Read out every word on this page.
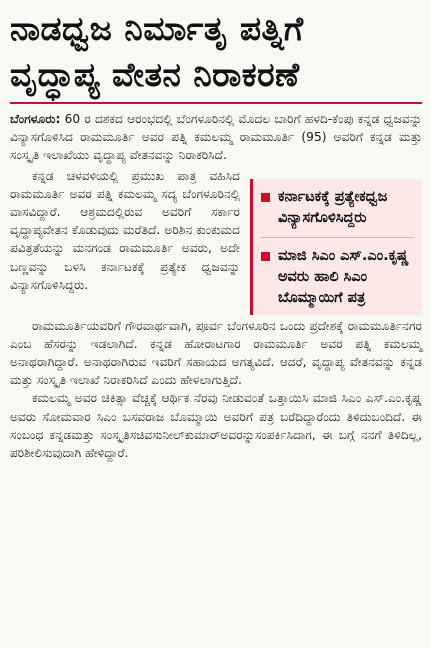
ನಾಡಧ್ವಜ ನಿರ್ಮಾತೃ ಪತ್ನಿಗೆ
ವೃದ್ಧಾಪ್ಯ ವೇತನ ನಿರಾಕರಣೆ

ಬೆಂಗಳೂರು: 60 ರ ದಶಕದ ಆರಂಭದಲ್ಲಿ ಬೆಂಗಳೂರಿನಲ್ಲಿ ಮೊದಲ ಬಾರಿಗೆ ಹಳದಿ-ಕೆಂಪು ಕನ್ನಡ ಧ್ವಜವನ್ನು ವಿನ್ಯಾಸಗೊಳಿಸಿದ ರಾಮಮೂರ್ತಿ ಅವರ ಪತ್ನಿ ಕಮಲಮ್ಮ ರಾಮಮೂರ್ತಿ (95) ಅವರಿಗೆ ಕನ್ನಡ ಮತ್ತು ಸಂಸ್ಕೃತಿ ಇಲಾಖೆಯು ವೃದ್ಧಾಪ್ಯ ವೇತನವನ್ನು ನಿರಾಕರಿಸಿದೆ.

ಕನ್ನಡ ಚಳವಳಿಯಲ್ಲಿ ಪ್ರಮುಖ ಪಾತ್ರ ವಹಿಸಿದ ರಾಮಮೂರ್ತಿ ಅವರ ಪತ್ನಿ ಕಮಲಮ್ಮ ಸದ್ಯ ಬೆಂಗಳೂರಿನಲ್ಲಿ ವಾಸವಿದ್ದಾರೆ. ಆಶ್ರಮದಲ್ಲಿರುವ ಅವರಿಗೆ ಸರ್ಕಾರ ವೃದ್ಧಾಪ್ಯವೇತನ ಕೊಡುವುದು ಮರೆತಿದೆ. ಅರಿಶಿನ ಕುಂಕುಮದ ಪವಿತ್ರತೆಯನ್ನು ಮನಗಂಡ ರಾಮಮೂರ್ತಿ ಅವರು, ಅದೇ ಬಣ್ಣವನ್ನು ಬಳಸಿ ಕರ್ನಾಟಕಕ್ಕೆ ಪ್ರತ್ಯೇಕ ಧ್ವಜವನ್ನು ವಿನ್ಯಾಸಗೊಳಿಸಿದ್ದರು.

ಕರ್ನಾಟಕಕ್ಕೆ ಪ್ರತ್ಯೇಕಧ್ವಜ ವಿನ್ಯಾಸಗೊಳಿಸಿದ್ದರು
ಮಾಜಿ ಸಿಎಂ ಎಸ್.ಎಂ.ಕೃಷ್ಣ ಅವರು ಹಾಲಿ ಸಿಎಂ ಬೊಮ್ಮಾಯಿಗೆ ಪತ್ರ

ರಾಮಮೂರ್ತಿಯವರಿಗೆ ಗೌರವಾರ್ಥವಾಗಿ, ಪೂರ್ವ ಬೆಂಗಳೂರಿನ ಒಂದು ಪ್ರದೇಶಕ್ಕೆ ರಾಮಮೂರ್ತಿನಗರ ಎಂಬ ಹೆಸರನ್ನು ಇಡಲಾಗಿದೆ. ಕನ್ನಡ ಹೋರಾಟಗಾರ ರಾಮಮೂರ್ತಿ ಅವರ ಪತ್ನಿ ಕಮಲಮ್ಮ ಅನಾಥರಾಗಿದ್ದಾರೆ. ಅನಾಥರಾಗಿರುವ ಇವರಿಗೆ ಸಹಾಯದ ಅಗತ್ಯವಿದೆ. ಆದರೆ, ವೃದ್ಧಾಪ್ಯ ವೇತನವನ್ನು ಕನ್ನಡ ಮತ್ತು ಸಂಸ್ಕೃತಿ ಇಲಾಖೆ ನಿರಾಕರಿಸಿದೆ ಎಂದು ಹೇಳಲಾಗುತ್ತಿದೆ.

ಕಮಲಮ್ಮ ಅವರ ಚಿಕಿತ್ಸಾ ವೆಚ್ಚಕ್ಕೆ ಆರ್ಥಿಕ ನೆರವು ನೀಡುವಂತೆ ಒತ್ತಾಯಿಸಿ ಮಾಜಿ ಸಿಎಂ ಎಸ್.ಎಂ.ಕೃಷ್ಣ ಅವರು ಸೋಮವಾರ ಸಿಎಂ ಬಸವರಾಜ ಬೊಮ್ಮಾಯಿ ಅವರಿಗೆ ಪತ್ರ ಬರೆದಿದ್ದಾರೆಂದು ತಿಳಿದುಬಂದಿದೆ. ಈ ಸಂಬಂಧ ಕನ್ನಡಮತ್ತು ಸಂಸ್ಕೃತಿಸಚಿವಸುನೀಲ್‌ಕುಮಾರ್‌ಅವರನ್ನುಸಂಪರ್ಕಿಸಿದಾಗ, ಈ ಬಗ್ಗೆ ನನಗೆ ತಿಳಿದಿಲ್ಲ, ಪರಿಶೀಲಿಸುವುದಾಗಿ ಹೇಳಿದ್ದಾರೆ.
